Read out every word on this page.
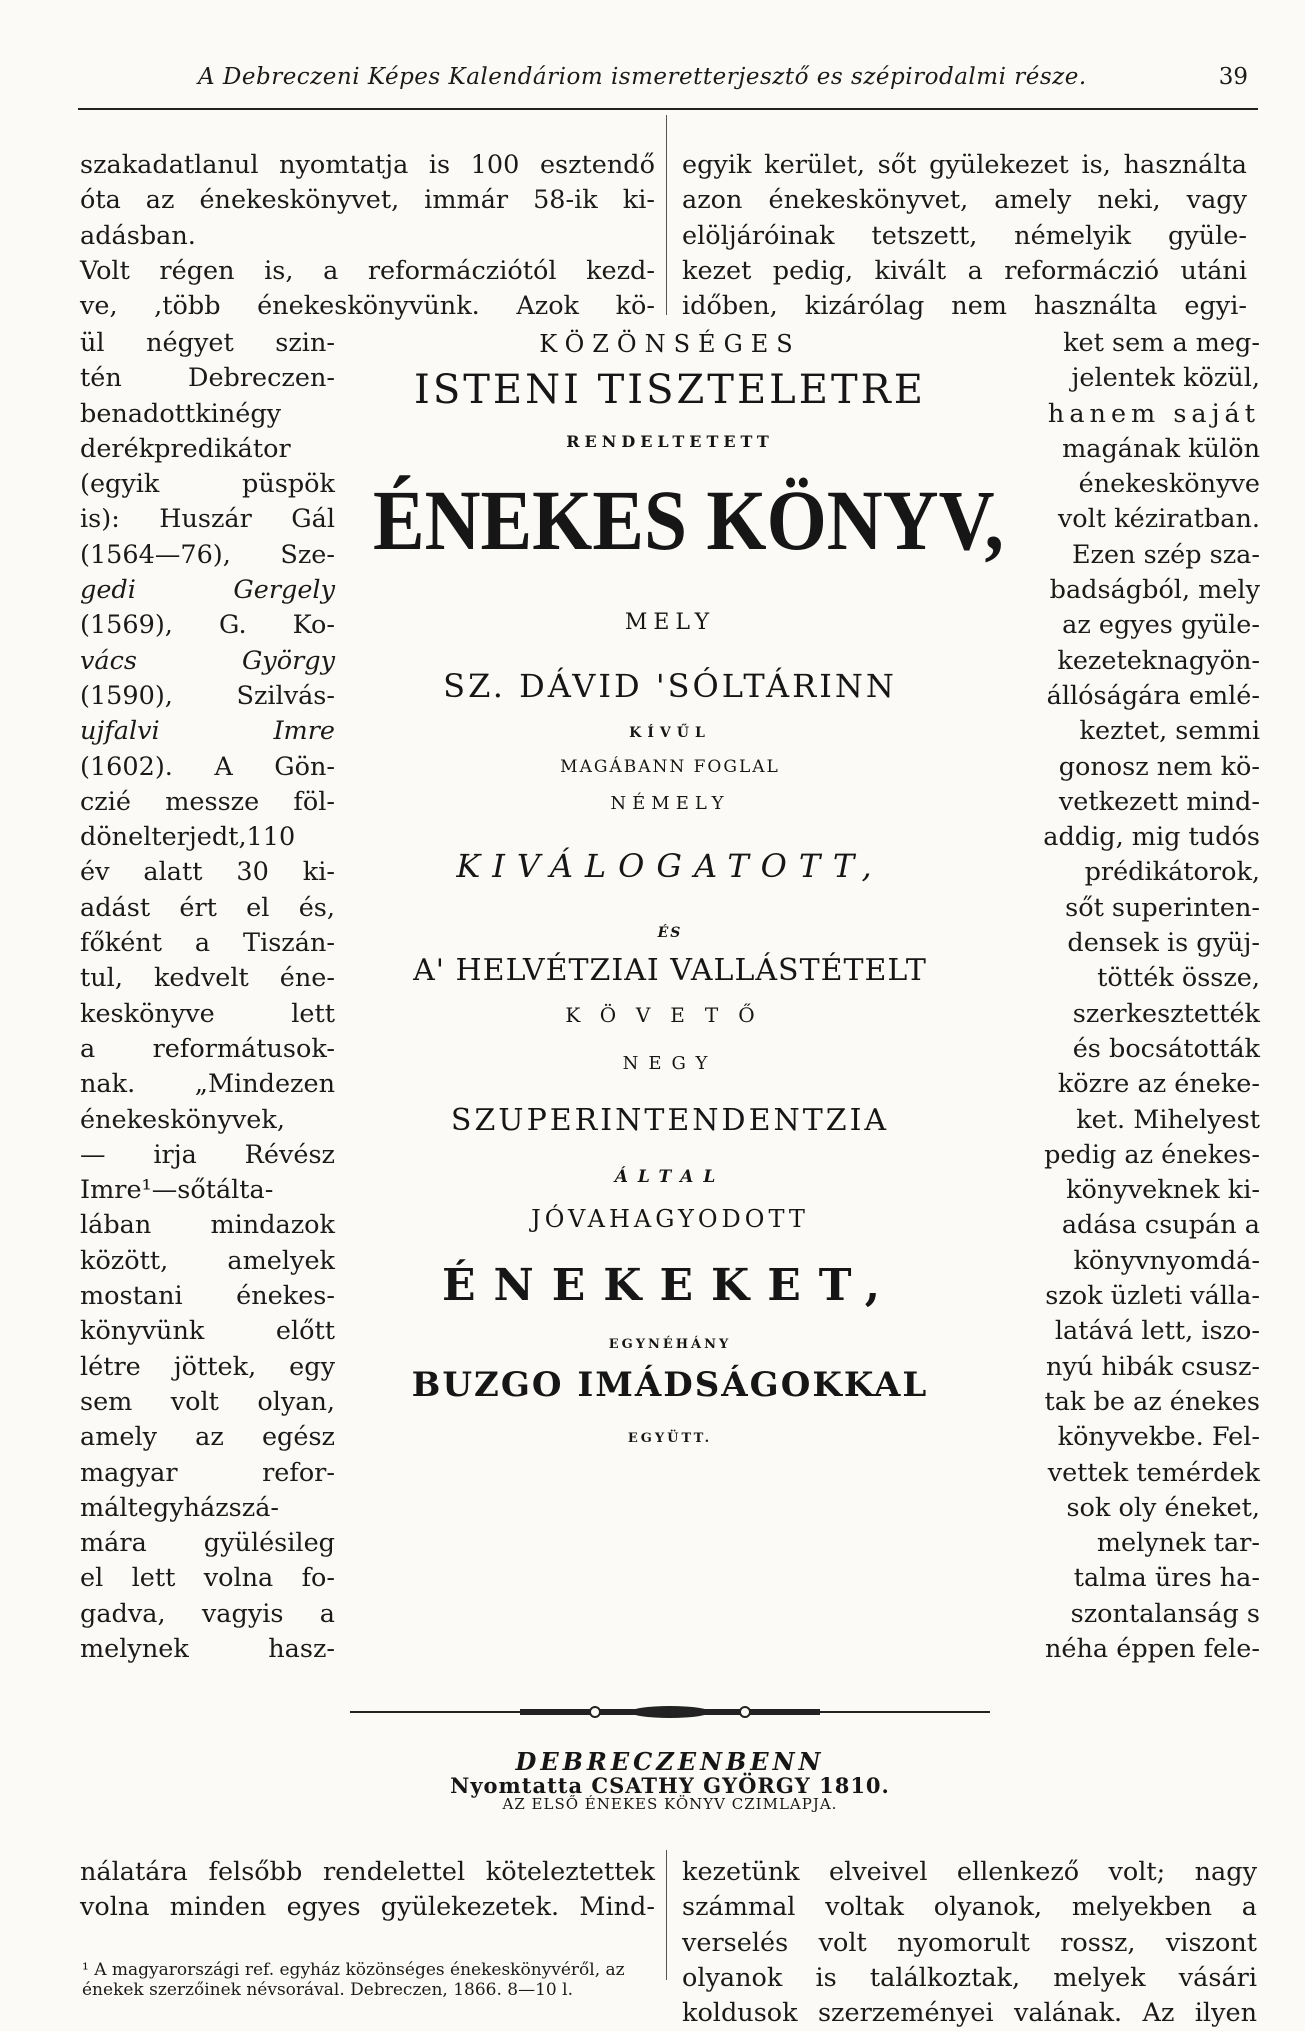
A Debreczeni Képes Kalendáriom ismeretterjesztő es szépirodalmi része.	39

szakadatlanul nyomtatja is 100 esztendő

óta az énekeskönyvet, immár 58-ik ki-

adásban.

Volt régen is, a reformácziótól kezd-

ve, ,több énekeskönyvünk. Azok kö-

ül négyet szin-

tén Debreczen-

benadottkinégy

derékpredikátor

(egyik püspök

is): Huszár Gál

(1564—76), Sze-

gedi Gergely

(1569), G. Ko-

vács György

(1590), Szilvás-

ujfalvi Imre

(1602). A Gön-

czié messze föl-

dönelterjedt,110

év alatt 30 ki-

adást ért el és,

főként a Tiszán-

tul, kedvelt éne-

keskönyve lett

a reformátusok-

nak. „Mindezen

énekeskönyvek,

— irja Révész

Imre¹—sőtálta-

lában mindazok

között, amelyek

mostani énekes-

könyvünk előtt

létre jöttek, egy

sem volt olyan,

amely az egész

magyar refor-

máltegyházszá-

mára gyülésileg

el lett volna fo-

gadva, vagyis a

melynek hasz-

nálatára felsőbb rendelettel köteleztettek

volna minden egyes gyülekezetek. Mind-

egyik kerület, sőt gyülekezet is, használta

azon énekeskönyvet, amely neki, vagy

elöljáróinak tetszett, némelyik gyüle-

kezet pedig, kivált a reformáczió utáni

időben, kizárólag nem használta egyi-

ket sem a meg-

jelentek közül,

hanem saját

magának külön

énekeskönyve

volt kéziratban.

Ezen szép sza-

badságból, mely

az egyes gyüle-

kezeteknagyön-

állóságára emlé-

keztet, semmi

gonosz nem kö-

vetkezett mind-

addig, mig tudós

prédikátorok,

sőt superinten-

densek is gyüj-

tötték össze,

szerkesztették

és bocsátották

közre az éneke-

ket. Mihelyest

pedig az énekes-

könyveknek ki-

adása csupán a

könyvnyomdá-

szok üzleti válla-

latává lett, iszo-

nyú hibák csusz-

tak be az énekes

könyvekbe. Fel-

vettek temérdek

sok oly éneket,

melynek tar-

talma üres ha-

szontalanság s

néha éppen fele-

kezetünk elveivel ellenkező volt; nagy

számmal voltak olyanok, melyekben a

verselés volt nyomorult rossz, viszont

olyanok is találkoztak, melyek vásári

koldusok szerzeményei valának. Az ilyen

AZ ELSŐ ÉNEKES KÖNYV CZIMLAPJA.
KÖZÖNSÉGES
ISTENI TISZTELETRE
RENDELTETETT
ÉNEKES KÖNYV,
MELY
SZ. DÁVID 'SÓLTÁRINN
KÍVŰL
MAGÁBANN FOGLAL
NÉMELY
KIVÁLOGATOTT,
ÉS
A' HELVÉTZIAI VALLÁSTÉTELT
KÖVETŐ
NEGY
SZUPERINTENDENTZIA
ÁLTAL
JÓVAHAGYODOTT
ÉNEKEKET,
EGYNÉHÁNY
BUZGO IMÁDSÁGOKKAL
EGYÜTT.
DEBRECZENBENN
Nyomtatta CSATHY GYÖRGY 1810.

¹ A magyarországi ref. egyház közönséges énekeskönyvéről, az énekek szerzőinek névsorával. Debreczen, 1866. 8—10 l.
